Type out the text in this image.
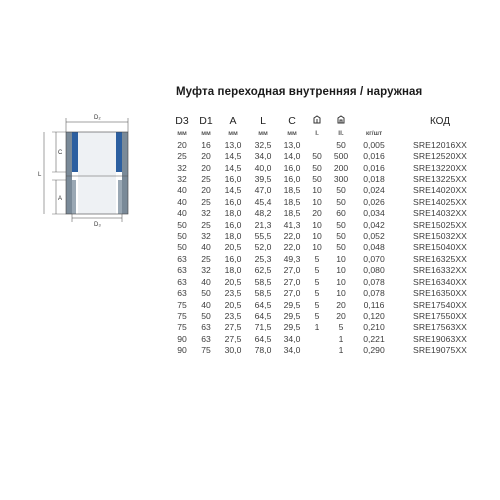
Муфта переходная внутренняя / наружная
D₂
C
A
L
D₃
D3	D1	A	L	C				КОД
мм	мм	мм	мм	мм	I.	II.	кг/шт	
20	16	13,0	32,5	13,0		50	0,005	SRE12016XX
25	20	14,5	34,0	14,0	50	500	0,016	SRE12520XX
32	20	14,5	40,0	16,0	50	200	0,016	SRE13220XX
32	25	16,0	39,5	16,0	50	300	0,018	SRE13225XX
40	20	14,5	47,0	18,5	10	50	0,024	SRE14020XX
40	25	16,0	45,4	18,5	10	50	0,026	SRE14025XX
40	32	18,0	48,2	18,5	20	60	0,034	SRE14032XX
50	25	16,0	21,3	41,3	10	50	0,042	SRE15025XX
50	32	18,0	55,5	22,0	10	50	0,052	SRE15032XX
50	40	20,5	52,0	22,0	10	50	0,048	SRE15040XX
63	25	16,0	25,3	49,3	5	10	0,070	SRE16325XX
63	32	18,0	62,5	27,0	5	10	0,080	SRE16332XX
63	40	20,5	58,5	27,0	5	10	0,078	SRE16340XX
63	50	23,5	58,5	27,0	5	10	0,078	SRE16350XX
75	40	20,5	64,5	29,5	5	20	0,116	SRE17540XX
75	50	23,5	64,5	29,5	5	20	0,120	SRE17550XX
75	63	27,5	71,5	29,5	1	5	0,210	SRE17563XX
90	63	27,5	64,5	34,0		1	0,221	SRE19063XX
90	75	30,0	78,0	34,0		1	0,290	SRE19075XX
